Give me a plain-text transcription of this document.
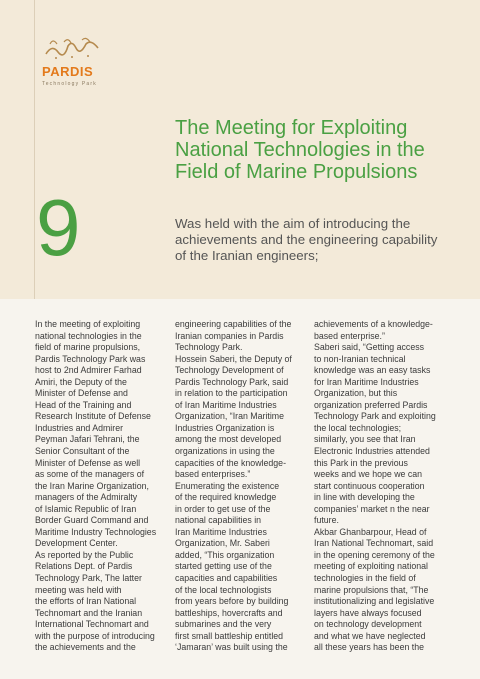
PARDIS
Technology Park
The Meeting for Exploiting National Technologies in the Field of Marine Propulsions
9	Was held with the aim of introducing the achievements and the engineering capability of the Iranian engineers;
In the meeting of exploiting
national technologies in the
field of marine propulsions,
Pardis Technology Park was
host to 2nd Admirer Farhad
Amiri, the Deputy of the
Minister of Defense and
Head of the Training and
Research Institute of Defense
Industries and Admirer
Peyman Jafari Tehrani, the
Senior Consultant of the
Minister of Defense as well
as some of the managers of
the Iran Marine Organization,
managers of the Admiralty
of Islamic Republic of Iran
Border Guard Command and
Maritime Industry Technologies
Development Center.
As reported by the Public
Relations Dept. of Pardis
Technology Park, The latter
meeting was held with
the efforts of Iran National
Technomart and the Iranian
International Technomart and
with the purpose of introducing
the achievements and the
engineering capabilities of the
Iranian companies in Pardis
Technology Park.
Hossein Saberi, the Deputy of
Technology Development of
Pardis Technology Park, said
in relation to the participation
of Iran Maritime Industries
Organization, “Iran Maritime
Industries Organization is
among the most developed
organizations in using the
capacities of the knowledge-
based enterprises.”
Enumerating the existence
of the required knowledge
in order to get use of the
national capabilities in
Iran Maritime Industries
Organization, Mr. Saberi
added, “This organization
started getting use of the
capacities and capabilities
of the local technologists
from years before by building
battleships, hovercrafts and
submarines and the very
first small battleship entitled
‘Jamaran’ was built using the
achievements of a knowledge-
based enterprise.”
Saberi said, “Getting access
to non-Iranian technical
knowledge was an easy tasks
for Iran Maritime Industries
Organization, but this
organization preferred Pardis
Technology Park and exploiting
the local technologies;
similarly, you see that Iran
Electronic Industries attended
this Park in the previous
weeks and we hope we can
start continuous cooperation
in line with developing the
companies’ market n the near
future.
Akbar Ghanbarpour, Head of
Iran National Technomart, said
in the opening ceremony of the
meeting of exploiting national
technologies in the field of
marine propulsions that, “The
institutionalizing and legislative
layers have always focused
on technology development
and what we have neglected
all these years has been the
